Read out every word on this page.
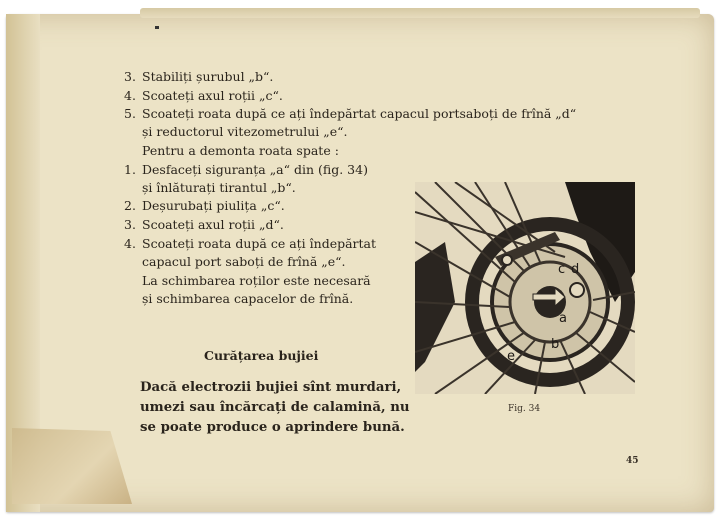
3. Stabiliți șurubul „b“.
4. Scoateți axul roții „c“.
5. Scoateți roata după ce ați îndepărtat capacul portsaboți de frînă „d“
și reductorul vitezometrului „e“.
Pentru a demonta roata spate :
1. Desfaceți siguranța „a“ din (fig. 34)
și înlăturați tirantul „b“.
2. Deșurubați piulița „c“.
3. Scoateți axul roții „d“.
4. Scoateți roata după ce ați îndepărtat
capacul port saboți de frînă „e“.
La schimbarea roților este necesară
și schimbarea capacelor de frînă.
Curățarea bujiei
Dacă electrozii bujiei sînt murdari,
umezi sau încărcați de calamină, nu
se poate produce o aprindere bună.
c d
a
b
e
Fig. 34
45
